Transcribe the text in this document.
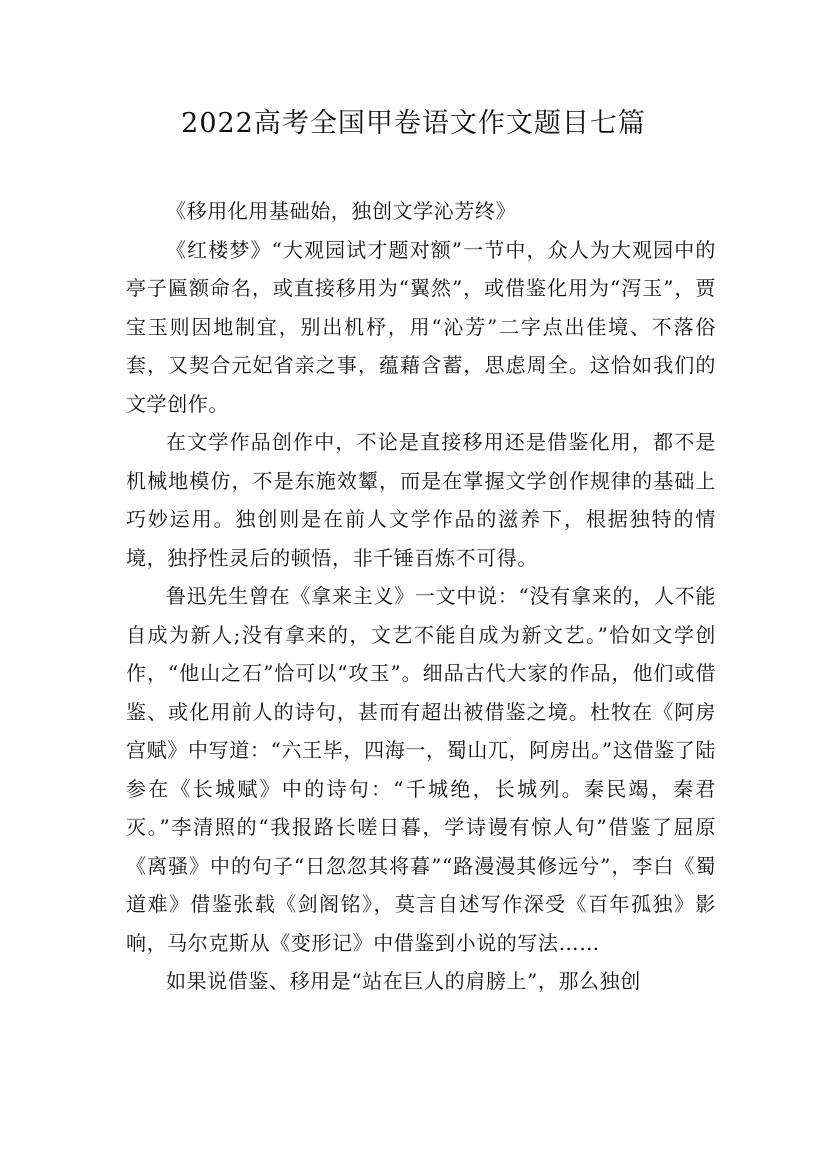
2022高考全国甲卷语文作文题目七篇

《移用化用基础始，独创文学沁芳终》

《红楼梦》“大观园试才题对额”一节中，众人为大观园中的亭子匾额命名，或直接移用为“翼然”，或借鉴化用为“泻玉”，贾宝玉则因地制宜，别出机杼，用“沁芳”二字点出佳境、不落俗套，又契合元妃省亲之事，蕴藉含蓄，思虑周全。这恰如我们的文学创作。

在文学作品创作中，不论是直接移用还是借鉴化用，都不是机械地模仿，不是东施效颦，而是在掌握文学创作规律的基础上巧妙运用。独创则是在前人文学作品的滋养下，根据独特的情境，独抒性灵后的顿悟，非千锤百炼不可得。

鲁迅先生曾在《拿来主义》一文中说：“没有拿来的，人不能自成为新人;没有拿来的，文艺不能自成为新文艺。”恰如文学创作，“他山之石”恰可以“攻玉”。细品古代大家的作品，他们或借鉴、或化用前人的诗句，甚而有超出被借鉴之境。杜牧在《阿房宫赋》中写道：“六王毕，四海一，蜀山兀，阿房出。”这借鉴了陆参在《长城赋》中的诗句：“千城绝，长城列。秦民竭，秦君灭。”李清照的“我报路长嗟日暮，学诗谩有惊人句”借鉴了屈原《离骚》中的句子“日忽忽其将暮”“路漫漫其修远兮”，李白《蜀道难》借鉴张载《剑阁铭》，莫言自述写作深受《百年孤独》影响，马尔克斯从《变形记》中借鉴到小说的写法……

如果说借鉴、移用是“站在巨人的肩膀上”，那么独创
